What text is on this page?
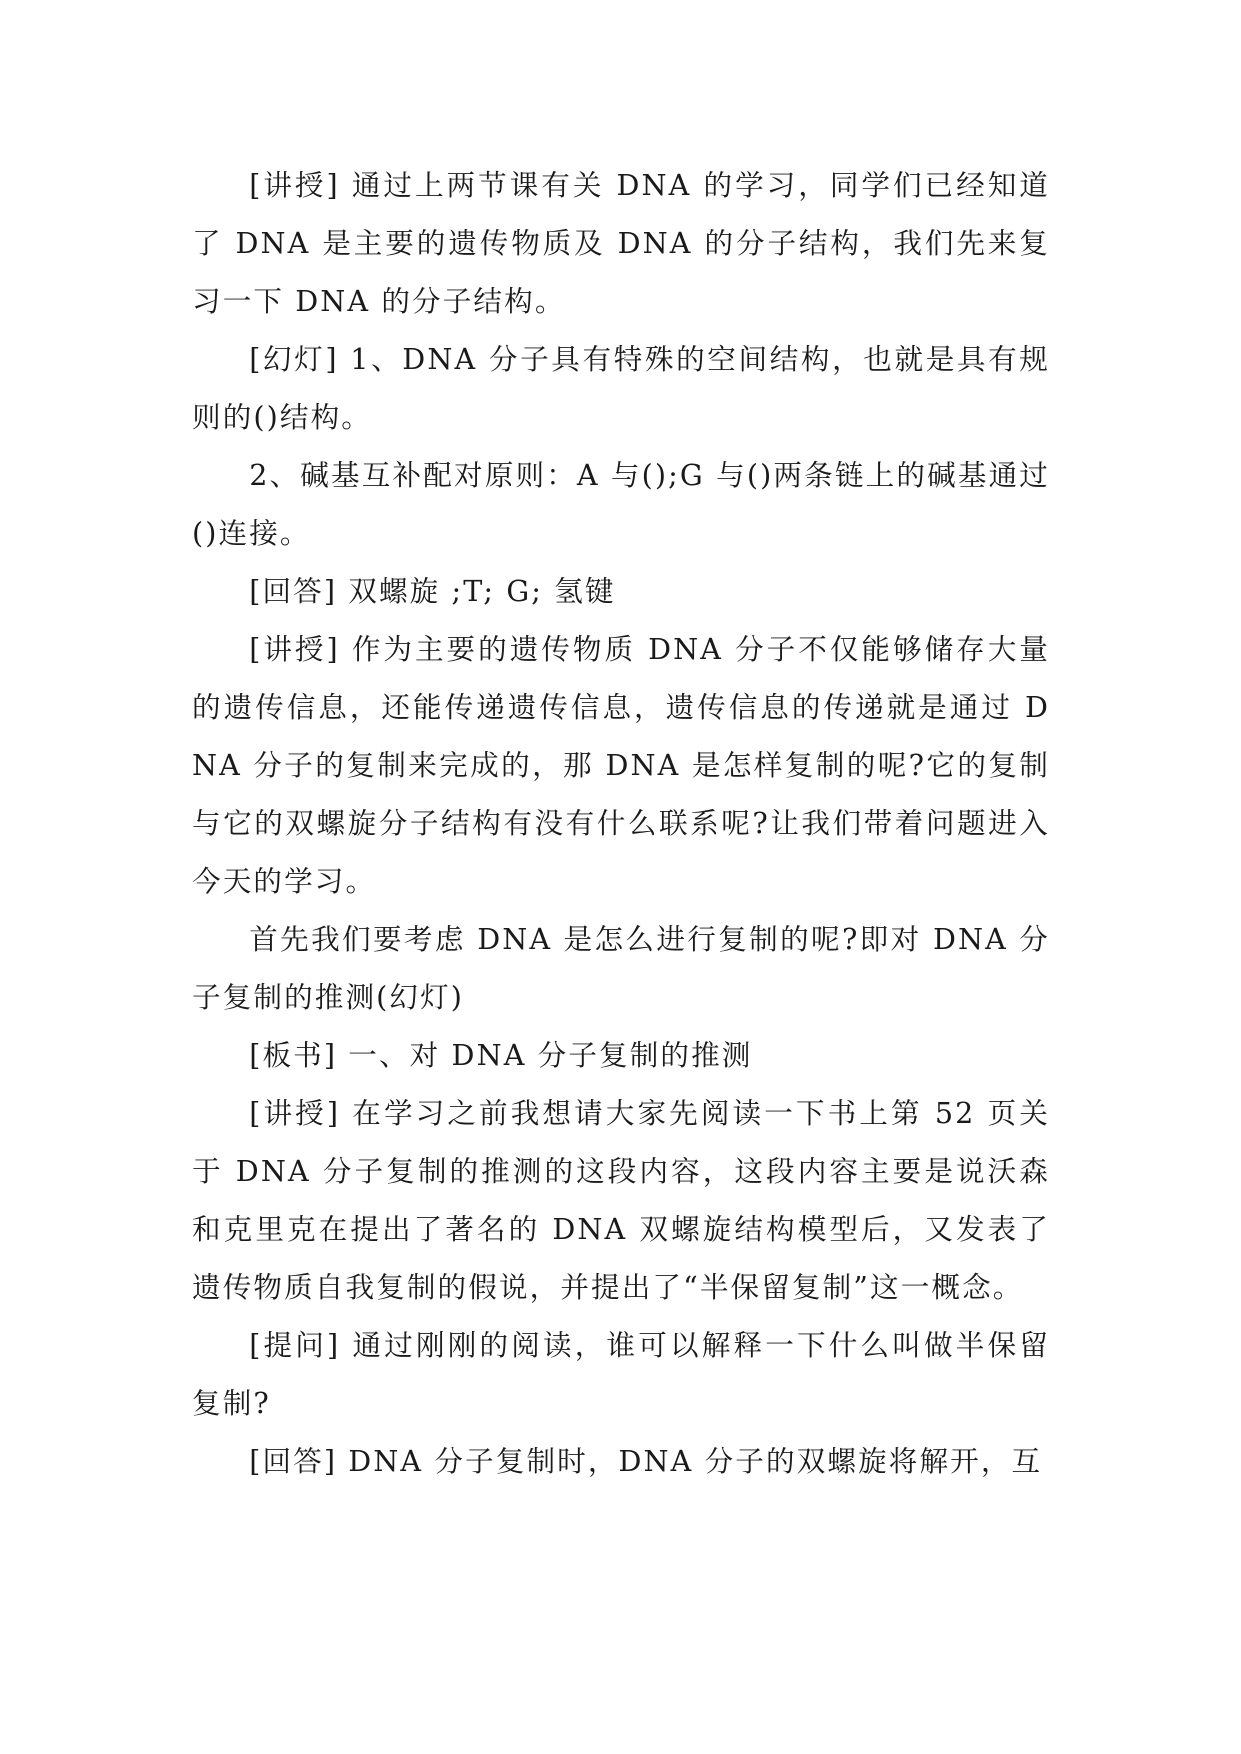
[讲授] 通过上两节课有关 DNA 的学习，同学们已经知道了 DNA 是主要的遗传物质及 DNA 的分子结构，我们先来复习一下 DNA 的分子结构。

[幻灯] 1、DNA 分子具有特殊的空间结构，也就是具有规则的()结构。

2、碱基互补配对原则：A 与();G 与()两条链上的碱基通过()连接。

[回答] 双螺旋 ;T; G; 氢键

[讲授] 作为主要的遗传物质 DNA 分子不仅能够储存大量的遗传信息，还能传递遗传信息，遗传信息的传递就是通过 DNA 分子的复制来完成的，那 DNA 是怎样复制的呢?它的复制与它的双螺旋分子结构有没有什么联系呢?让我们带着问题进入今天的学习。

首先我们要考虑 DNA 是怎么进行复制的呢?即对 DNA 分子复制的推测(幻灯)

[板书] 一、对 DNA 分子复制的推测

[讲授] 在学习之前我想请大家先阅读一下书上第 52 页关于 DNA 分子复制的推测的这段内容，这段内容主要是说沃森和克里克在提出了著名的 DNA 双螺旋结构模型后，又发表了遗传物质自我复制的假说，并提出了“半保留复制”这一概念。

[提问] 通过刚刚的阅读，谁可以解释一下什么叫做半保留复制?

[回答] DNA 分子复制时，DNA 分子的双螺旋将解开，互
